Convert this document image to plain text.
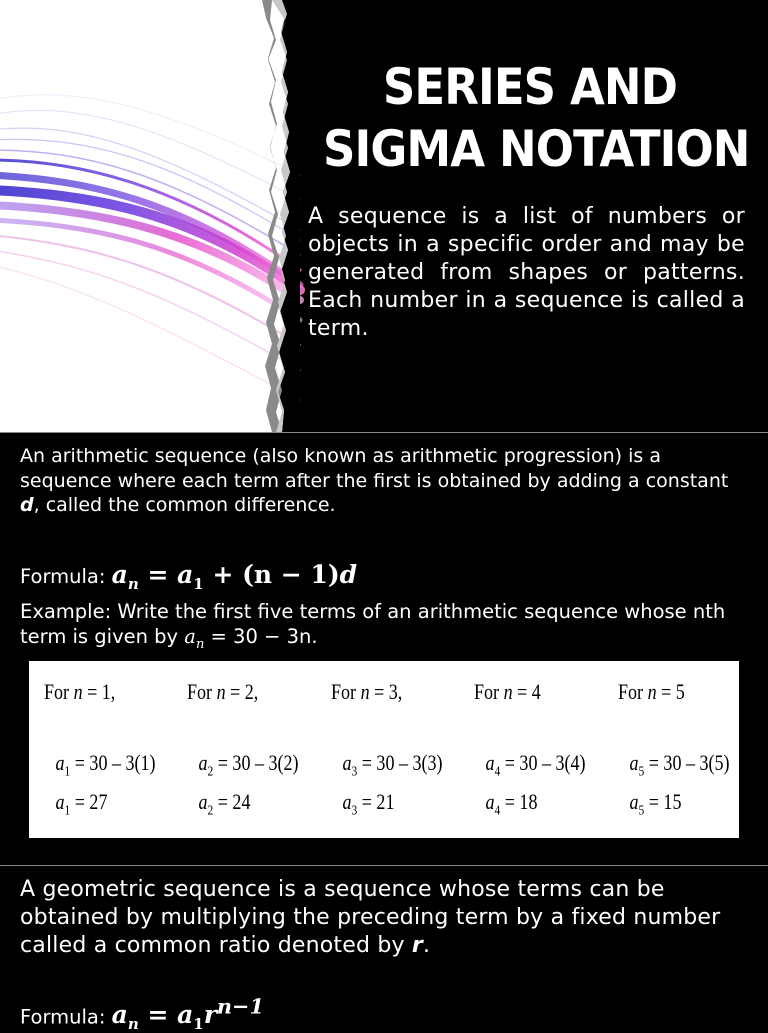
SERIES AND
SIGMA NOTATION

A sequence is a list of numbers or objects in a specific order and may be generated from shapes or patterns. Each number in a sequence is called a term.

An arithmetic sequence (also known as arithmetic progression) is a sequence where each term after the first is obtained by adding a constant d, called the common difference.

Formula: $a_n = a_1 + (n - 1)d$

Example: Write the first five terms of an arithmetic sequence whose nth term is given by $a_n = 30 - 3n$.

For n = 1,
$a_1 = 30 - 3(1)$
$a_1 = 27$
For n = 2,
$a_2 = 30 - 3(2)$
$a_2 = 24$
For n = 3,
$a_3 = 30 - 3(3)$
$a_3 = 21$
For n = 4
$a_4 = 30 - 3(4)$
$a_4 = 18$
For n = 5
$a_5 = 30 - 3(5)$
$a_5 = 15$

A geometric sequence is a sequence whose terms can be obtained by multiplying the preceding term by a fixed number called a common ratio denoted by r.

Formula: $a_n = a_1r^{n-1}$
